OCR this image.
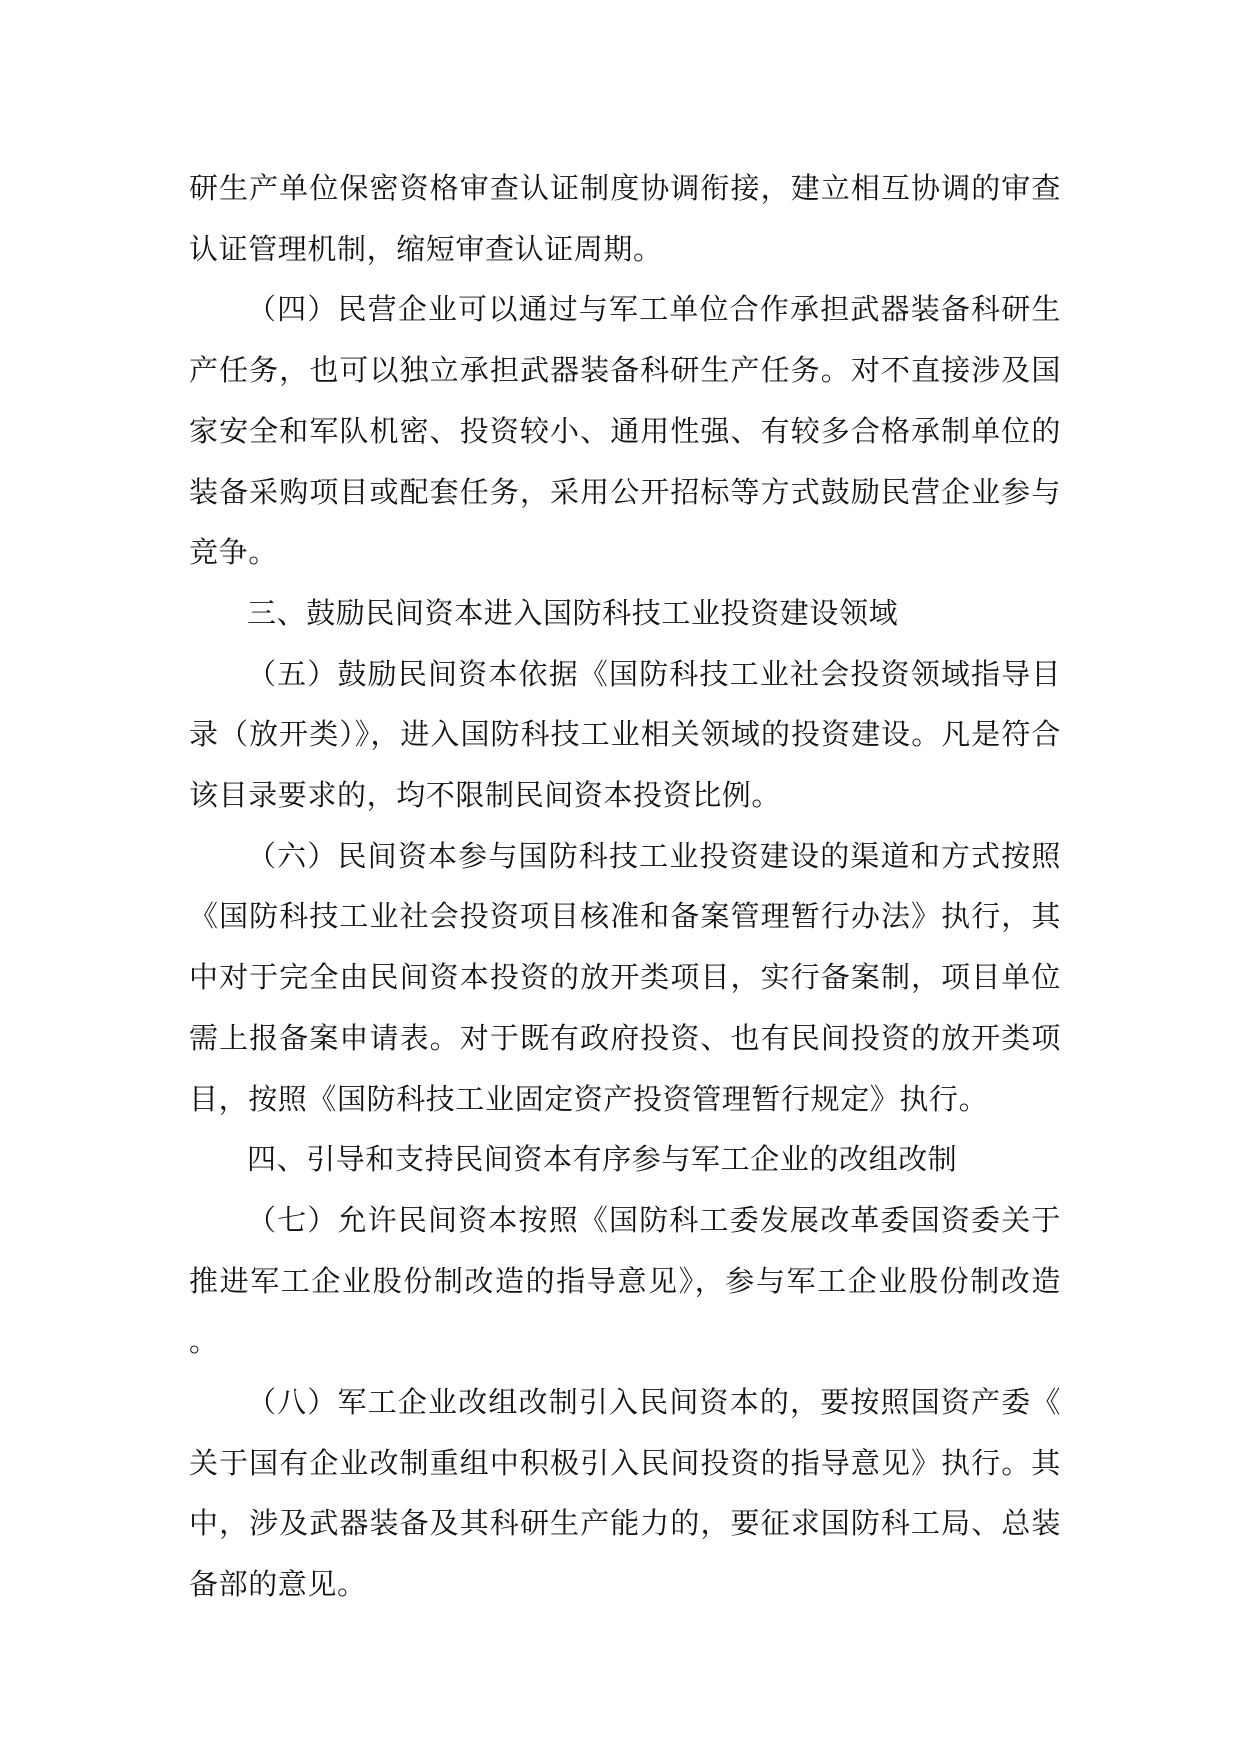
研生产单位保密资格审查认证制度协调衔接，建立相互协调的审查认证管理机制，缩短审查认证周期。

（四）民营企业可以通过与军工单位合作承担武器装备科研生产任务，也可以独立承担武器装备科研生产任务。对不直接涉及国家安全和军队机密、投资较小、通用性强、有较多合格承制单位的装备采购项目或配套任务，采用公开招标等方式鼓励民营企业参与竞争。

三、鼓励民间资本进入国防科技工业投资建设领域

（五）鼓励民间资本依据《国防科技工业社会投资领域指导目录（放开类）》，进入国防科技工业相关领域的投资建设。凡是符合该目录要求的，均不限制民间资本投资比例。

（六）民间资本参与国防科技工业投资建设的渠道和方式按照《国防科技工业社会投资项目核准和备案管理暂行办法》执行，其中对于完全由民间资本投资的放开类项目，实行备案制，项目单位需上报备案申请表。对于既有政府投资、也有民间投资的放开类项目，按照《国防科技工业固定资产投资管理暂行规定》执行。

四、引导和支持民间资本有序参与军工企业的改组改制

（七）允许民间资本按照《国防科工委发展改革委国资委关于推进军工企业股份制改造的指导意见》，参与军工企业股份制改造。

（八）军工企业改组改制引入民间资本的，要按照国资产委《关于国有企业改制重组中积极引入民间投资的指导意见》执行。其中，涉及武器装备及其科研生产能力的，要征求国防科工局、总装备部的意见。
